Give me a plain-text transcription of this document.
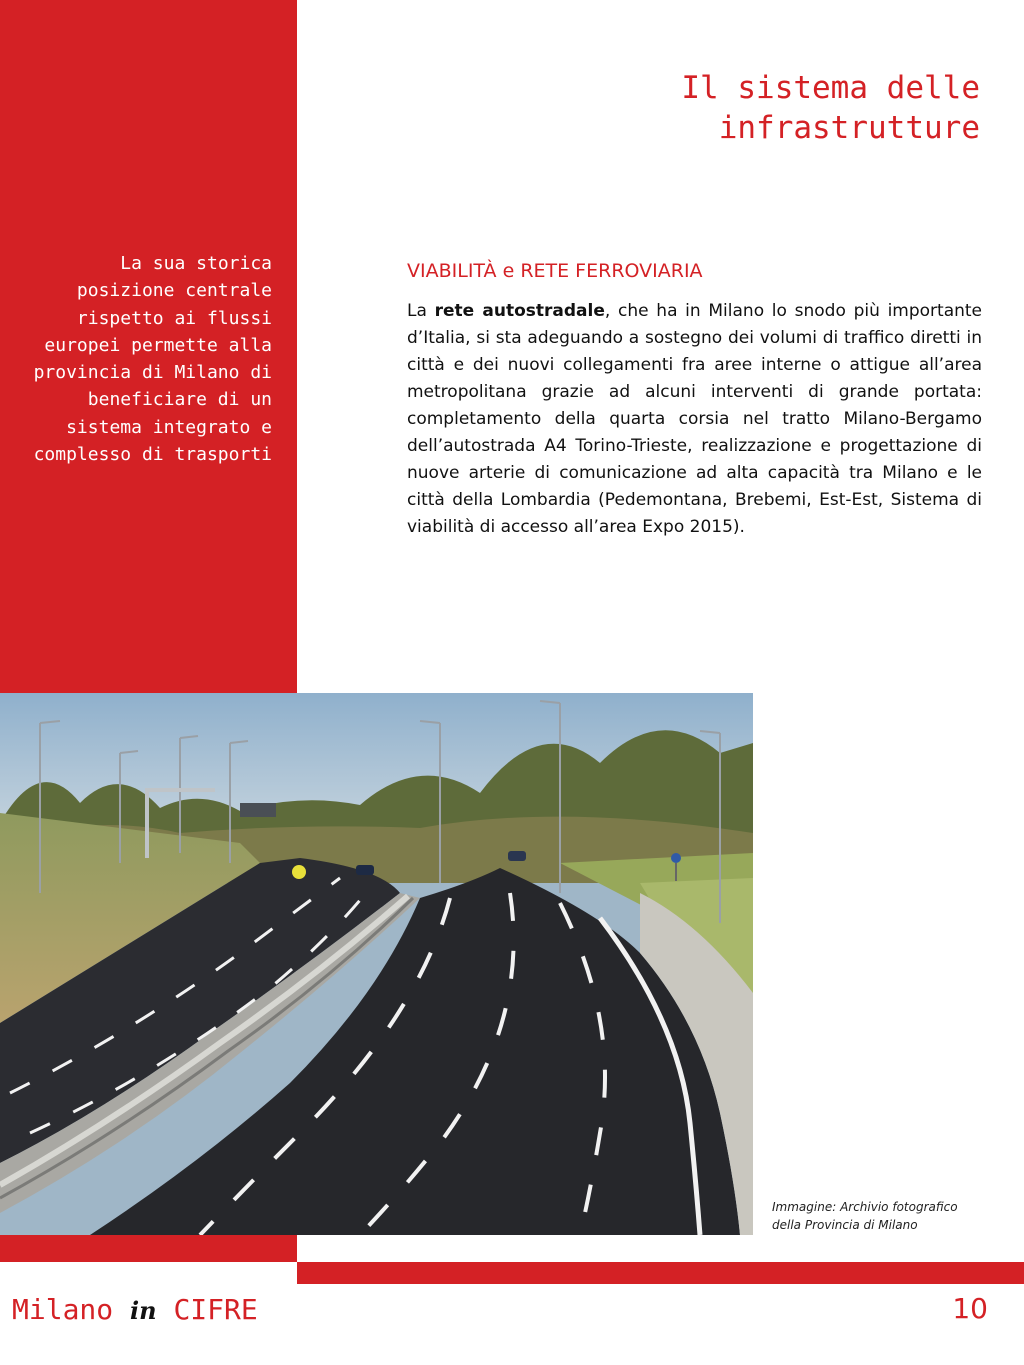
La sua storica posizione centrale rispetto ai flussi europei permette alla provincia di Milano di beneficiare di un sistema integrato e complesso di trasporti

Il sistema delle
infrastrutture
VIABILITÀ e RETE FERROVIARIA

La rete autostradale, che ha in Milano lo snodo più importante d’Italia, si sta adeguando a sostegno dei volumi di traffico diretti in città e dei nuovi collegamenti fra aree interne o attigue all’area metropolitana grazie ad alcuni interventi di grande portata: completamento della quarta corsia nel tratto Milano-Bergamo dell’autostrada A4 Torino-Trieste, realizzazione e progettazione di nuove arterie di comunicazione ad alta capacità tra Milano e le città della Lombardia (Pedemontana, Brebemi, Est-Est, Sistema di viabilità di accesso all’area Expo 2015).

Immagine: Archivio fotografico
della Provincia di Milano

Milano in CIFRE	10
